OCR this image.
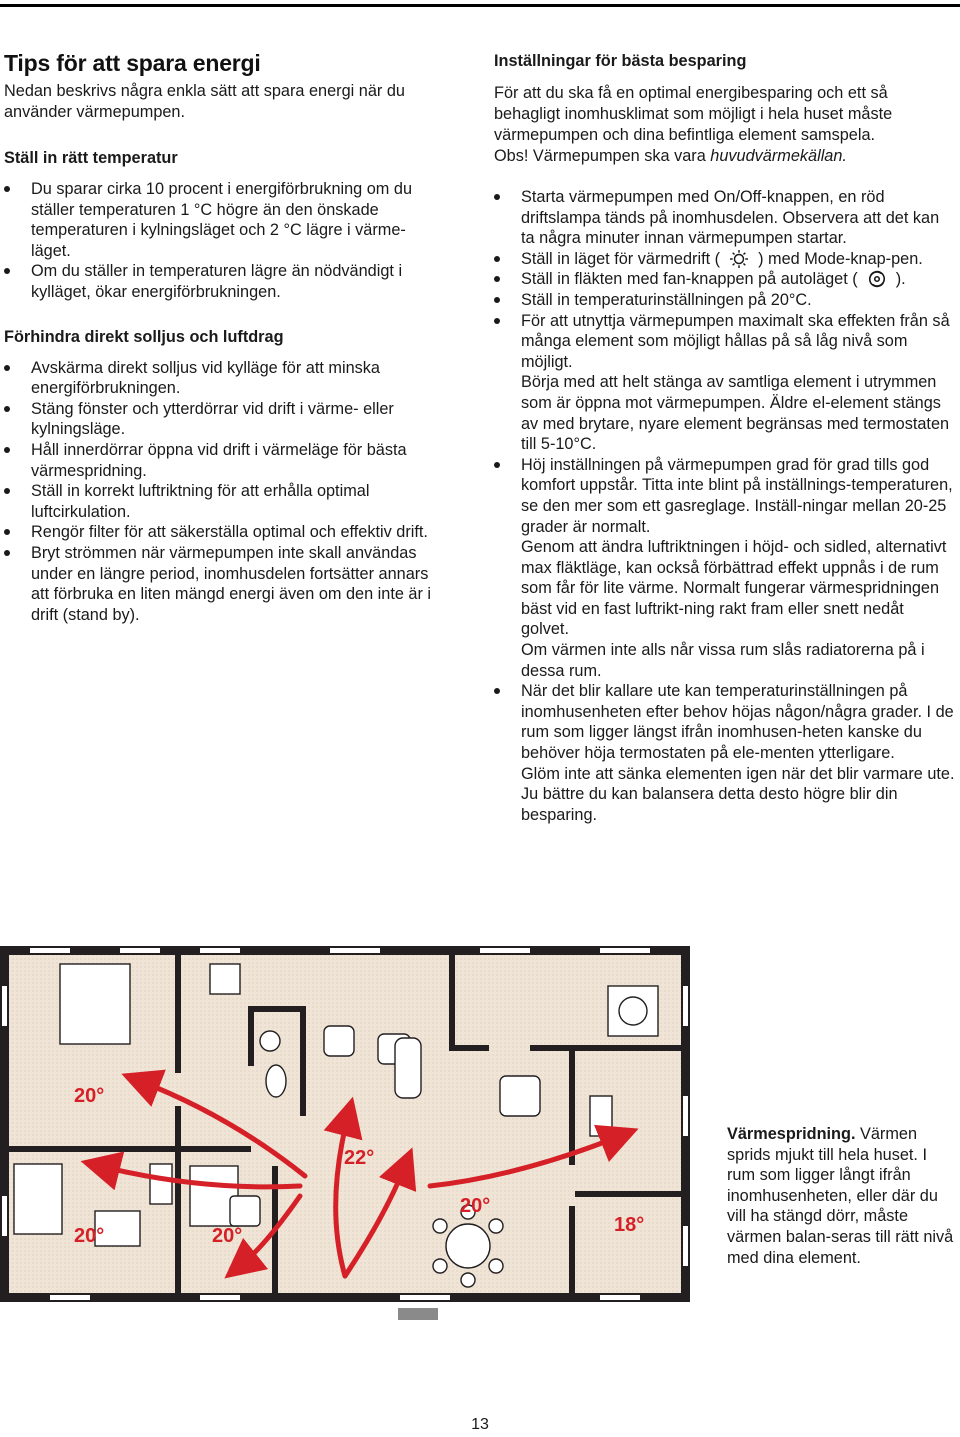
Tips för att spara energi

Nedan beskrivs några enkla sätt att spara energi när du använder värmepumpen.

Ställ in rätt temperatur
Du sparar cirka 10 procent i energiförbrukning om du ställer temperaturen 1 °C högre än den önskade temperaturen i kylningsläget och 2 °C lägre i värme-läget.
Om du ställer in temperaturen lägre än nödvändigt i kylläget, ökar energiförbrukningen.
Förhindra direkt solljus och luftdrag
Avskärma direkt solljus vid kylläge för att minska energiförbrukningen.
Stäng fönster och ytterdörrar vid drift i värme- eller kylningsläge.
Håll innerdörrar öppna vid drift i värmeläge för bästa värmespridning.
Ställ in korrekt luftriktning för att erhålla optimal luftcirkulation.
Rengör filter för att säkerställa optimal och effektiv drift.
Bryt strömmen när värmepumpen inte skall användas under en längre period, inomhusdelen fortsätter annars att förbruka en liten mängd energi även om den inte är i drift (stand by).
Inställningar för bästa besparing

För att du ska få en optimal energibesparing och ett så behagligt inomhusklimat som möjligt i hela huset måste värmepumpen och dina befintliga element samspela.
Obs! Värmepumpen ska vara huvudvärmekällan.

Starta värmepumpen med On/Off-knappen, en röd driftslampa tänds på inomhusdelen. Observera att det kan ta några minuter innan värmepumpen startar.
Ställ in läget för värmedrift ( ) med Mode-knap-pen.
Ställ in fläkten med fan-knappen på autoläget ( ).
Ställ in temperaturinställningen på 20°C.
För att utnyttja värmepumpen maximalt ska effekten från så många element som möjligt hållas på så låg nivå som möjligt.
Börja med att helt stänga av samtliga element i utrymmen som är öppna mot värmepumpen. Äldre el-element stängs av med brytare, nyare element begränsas med termostaten till 5-10°C.
Höj inställningen på värmepumpen grad för grad tills god komfort uppstår. Titta inte blint på inställnings-temperaturen, se den mer som ett gasreglage. Inställ-ningar mellan 20-25 grader är normalt.
Genom att ändra luftriktningen i höjd- och sidled, alternativt max fläktläge, kan också förbättrad effekt uppnås i de rum som får för lite värme. Normalt fungerar värmespridningen bäst vid en fast luftrikt-ning rakt fram eller snett nedåt golvet.
Om värmen inte alls når vissa rum slås radiatorerna på i dessa rum.
När det blir kallare ute kan temperaturinställningen på inomhusenheten efter behov höjas någon/några grader. I de rum som ligger längst ifrån inomhusen-heten kanske du behöver höja termostaten på ele-menten ytterligare.
Glöm inte att sänka elementen igen när det blir varmare ute. Ju bättre du kan balansera detta desto högre blir din besparing.
20°
22°
20°	20°
20°
18°
Värmespridning. Värmen sprids mjukt till hela huset. I rum som ligger långt ifrån inomhusenheten, eller där du vill ha stängd dörr, måste värmen balan-seras till rätt nivå med dina element.
13
